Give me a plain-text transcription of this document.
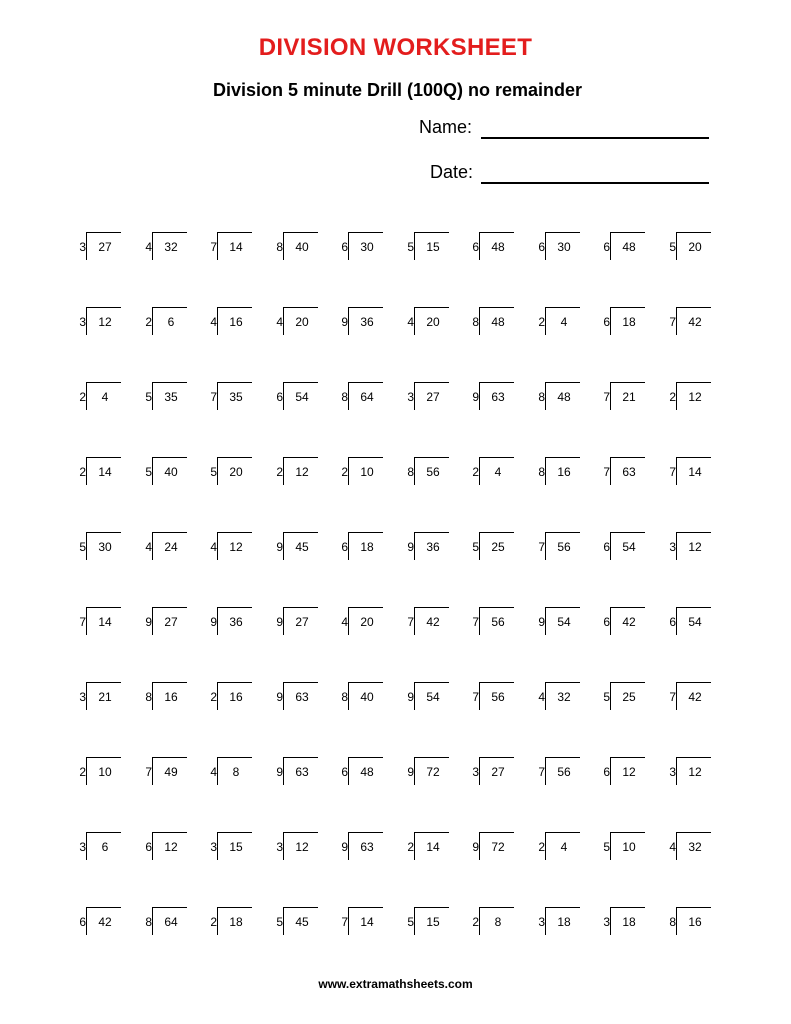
DIVISION WORKSHEET
Division 5 minute Drill (100Q) no remainder
Name:
Date:
3	27	4	32	7	14	8	40	6	30	5	15	6	48	6	30	6	48	5	20
3	12	2	6	4	16	4	20	9	36	4	20	8	48	2	4	6	18	7	42
2	4	5	35	7	35	6	54	8	64	3	27	9	63	8	48	7	21	2	12
2	14	5	40	5	20	2	12	2	10	8	56	2	4	8	16	7	63	7	14
5	30	4	24	4	12	9	45	6	18	9	36	5	25	7	56	6	54	3	12
7	14	9	27	9	36	9	27	4	20	7	42	7	56	9	54	6	42	6	54
3	21	8	16	2	16	9	63	8	40	9	54	7	56	4	32	5	25	7	42
2	10	7	49	4	8	9	63	6	48	9	72	3	27	7	56	6	12	3	12
3	6	6	12	3	15	3	12	9	63	2	14	9	72	2	4	5	10	4	32
6	42	8	64	2	18	5	45	7	14	5	15	2	8	3	18	3	18	8	16
www.extramathsheets.com
